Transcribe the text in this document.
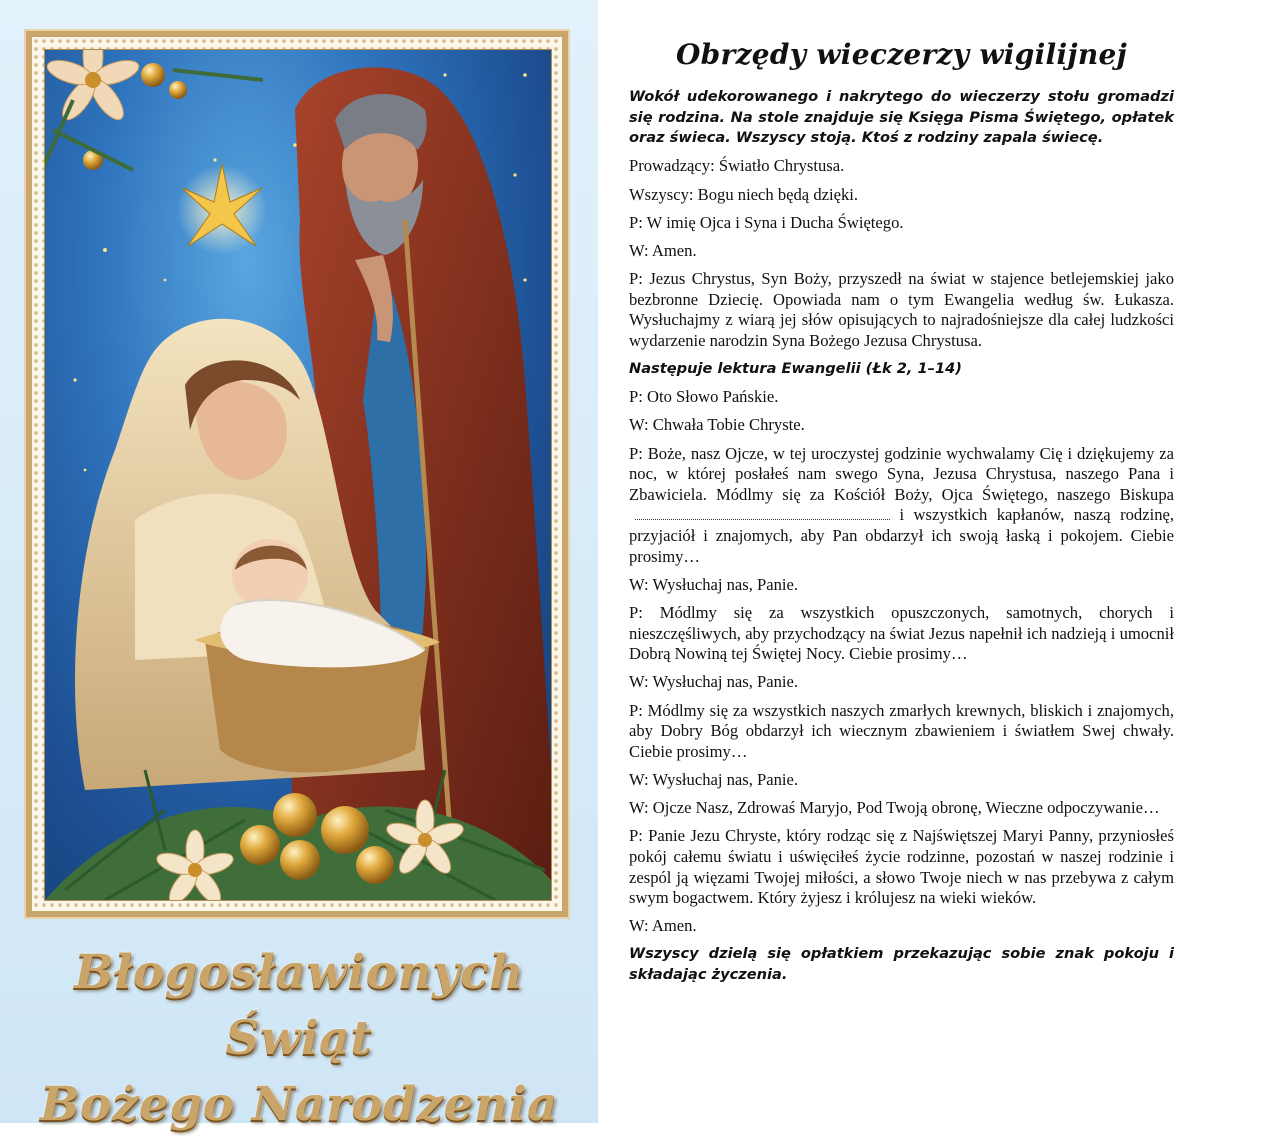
Błogosławionych Świąt
Bożego Narodzenia
Obrzędy wieczerzy wigilijnej

Wokół udekorowanego i nakrytego do wieczerzy stołu gromadzi się rodzina. Na stole znajduje się Księga Pisma Świętego, opłatek oraz świeca. Wszyscy stoją. Ktoś z rodziny zapala świecę.

Prowadzący: Światło Chrystusa.

Wszyscy: Bogu niech będą dzięki.

P: W imię Ojca i Syna i Ducha Świętego.

W: Amen.

P: Jezus Chrystus, Syn Boży, przyszedł na świat w stajence betlejemskiej jako bezbronne Dziecię. Opowiada nam o tym Ewangelia według św. Łukasza. Wysłuchajmy z wiarą jej słów opisujących to najradośniejsze dla całej ludzkości wydarzenie narodzin Syna Bożego Jezusa Chrystusa.

Następuje lektura Ewangelii (Łk 2, 1–14)

P: Oto Słowo Pańskie.

W: Chwała Tobie Chryste.

P: Boże, nasz Ojcze, w tej uroczystej godzinie wychwalamy Cię i dziękujemy za noc, w której posłałeś nam swego Syna, Jezusa Chrystusa, naszego Pana i Zbawiciela. Módlmy się za Kościół Boży, Ojca Świętego, naszego Biskupa i wszystkich kapłanów, naszą rodzinę, przyjaciół i znajomych, aby Pan obdarzył ich swoją łaską i pokojem. Ciebie prosimy…

W: Wysłuchaj nas, Panie.

P: Módlmy się za wszystkich opuszczonych, samotnych, chorych i nieszczęśliwych, aby przychodzący na świat Jezus napełnił ich nadzieją i umocnił Dobrą Nowiną tej Świętej Nocy. Ciebie prosimy…

W: Wysłuchaj nas, Panie.

P: Módlmy się za wszystkich naszych zmarłych krewnych, bliskich i znajomych, aby Dobry Bóg obdarzył ich wiecznym zbawieniem i światłem Swej chwały. Ciebie prosimy…

W: Wysłuchaj nas, Panie.

W: Ojcze Nasz, Zdrowaś Maryjo, Pod Twoją obronę, Wieczne odpoczywanie…

P: Panie Jezu Chryste, który rodząc się z Najświętszej Maryi Panny, przyniosłeś pokój całemu światu i uświęciłeś życie rodzinne, pozostań w naszej rodzinie i zespól ją więzami Twojej miłości, a słowo Twoje niech w nas przebywa z całym swym bogactwem. Który żyjesz i królujesz na wieki wieków.

W: Amen.

Wszyscy dzielą się opłatkiem przekazując sobie znak pokoju i składając życzenia.
